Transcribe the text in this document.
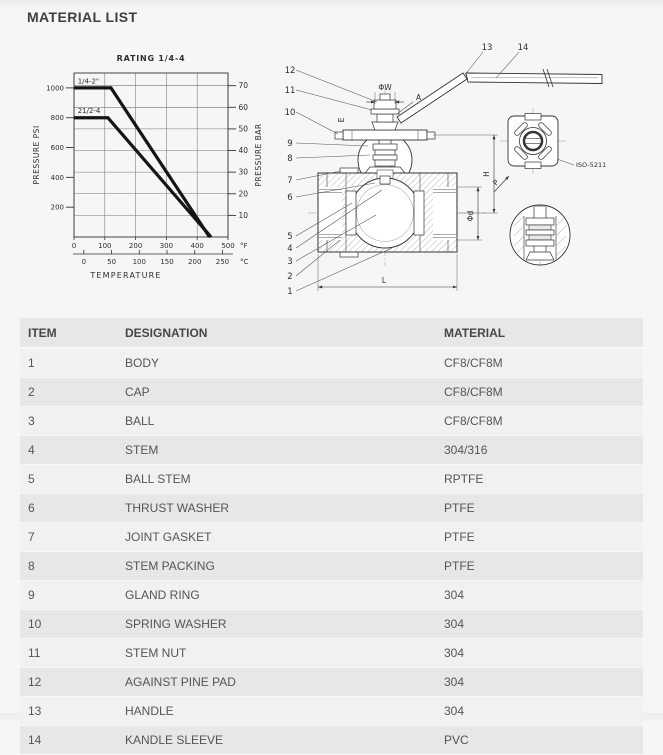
MATERIAL LIST
200
400
600
800
1000
10
20
30
40
50
60
70
0	100 200 300 400 500 °F
0	50 100 150 200 250 °C
TEMPERATURE
RATING 1/4-4
PRESSURE PSI	PRESSURE BAR
1/4-2"
21/2-4
ISO-5211
P
H
Φd
L
ΦW
A
E
12
11
10
9
8
7
6
5
4
3
2
1
13	14
ITEM	DESIGNATION	MATERIAL
1	BODY	CF8/CF8M
2	CAP	CF8/CF8M
3	BALL	CF8/CF8M
4	STEM	304/316
5	BALL STEM	RPTFE
6	THRUST WASHER	PTFE
7	JOINT GASKET	PTFE
8	STEM PACKING	PTFE
9	GLAND RING	304
10	SPRING WASHER	304
11	STEM NUT	304
12	AGAINST PINE PAD	304
13	HANDLE	304
14	KANDLE SLEEVE	PVC
